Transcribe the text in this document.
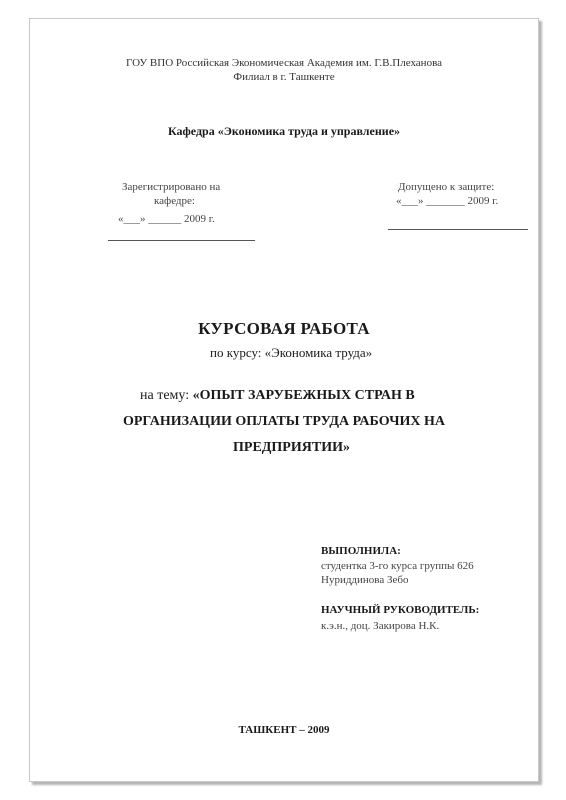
ГОУ ВПО Российская Экономическая Академия им. Г.В.Плеханова
Филиал в г. Ташкенте
Кафедра «Экономика труда и управление»
Зарегистрировано на
кафедре:
«___» ______ 2009 г.
Допущено к защите:
«___» _______ 2009 г.
КУРСОВАЯ РАБОТА
по курсу: «Экономика труда»
на тему: «ОПЫТ ЗАРУБЕЖНЫХ СТРАН В
ОРГАНИЗАЦИИ ОПЛАТЫ ТРУДА РАБОЧИХ НА
ПРЕДПРИЯТИИ»
ВЫПОЛНИЛА:
студентка 3-го курса группы 626
Нуриддинова Зебо
НАУЧНЫЙ РУКОВОДИТЕЛЬ:
к.э.н., доц. Закирова Н.К.
ТАШКЕНТ – 2009
